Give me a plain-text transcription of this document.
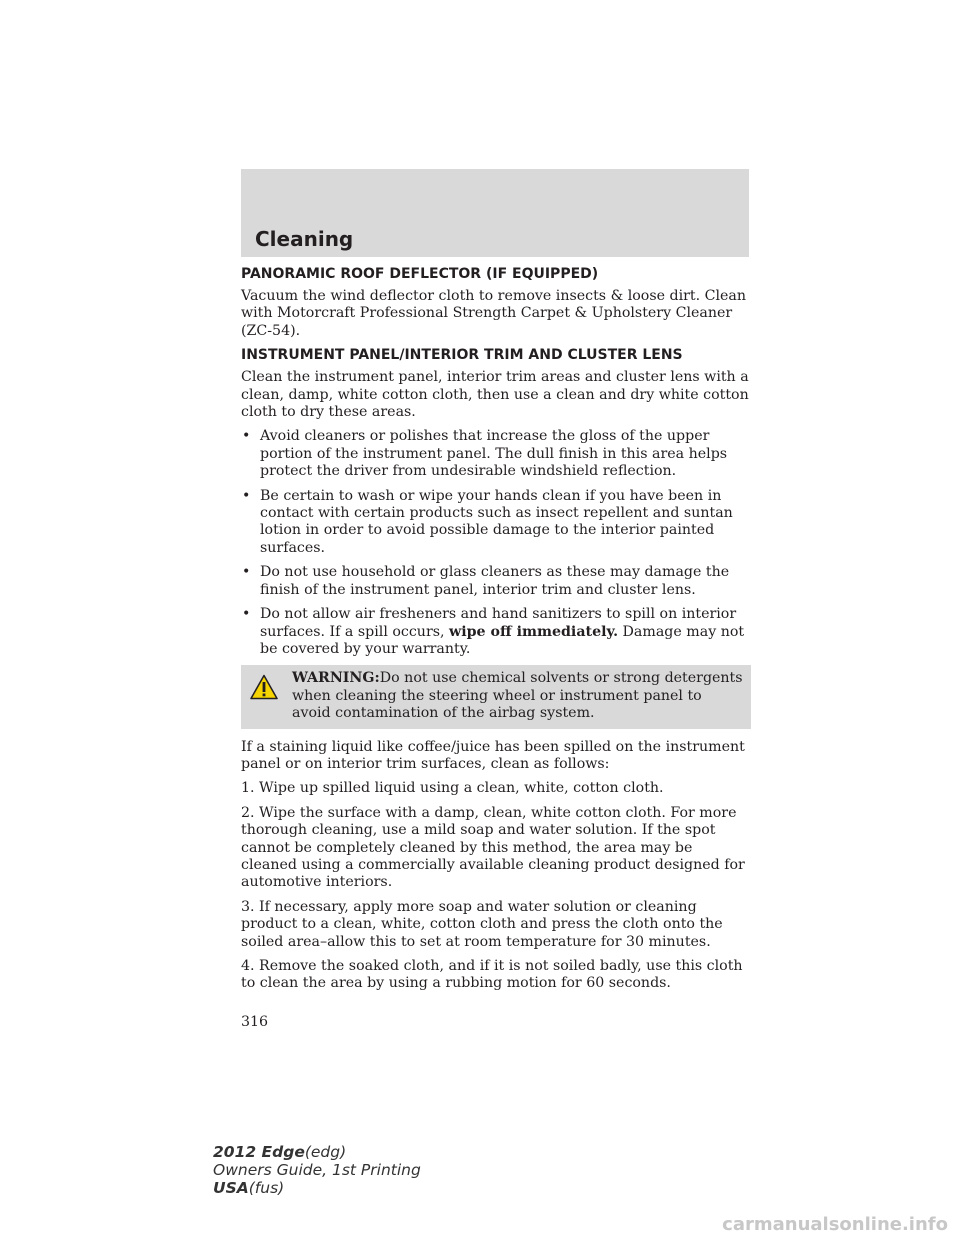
Cleaning
PANORAMIC ROOF DEFLECTOR (IF EQUIPPED)

Vacuum the wind deflector cloth to remove insects & loose dirt. Clean with Motorcraft Professional Strength Carpet & Upholstery Cleaner (ZC-54).

INSTRUMENT PANEL/INTERIOR TRIM AND CLUSTER LENS

Clean the instrument panel, interior trim areas and cluster lens with a clean, damp, white cotton cloth, then use a clean and dry white cotton cloth to dry these areas.

• Avoid cleaners or polishes that increase the gloss of the upper portion of the instrument panel. The dull finish in this area helps protect the driver from undesirable windshield reflection.
• Be certain to wash or wipe your hands clean if you have been in contact with certain products such as insect repellent and suntan lotion in order to avoid possible damage to the interior painted surfaces.
• Do not use household or glass cleaners as these may damage the finish of the instrument panel, interior trim and cluster lens.
• Do not allow air fresheners and hand sanitizers to spill on interior surfaces. If a spill occurs, wipe off immediately. Damage may not be covered by your warranty.
WARNING:Do not use chemical solvents or strong detergents when cleaning the steering wheel or instrument panel to avoid contamination of the airbag system.

If a staining liquid like coffee/juice has been spilled on the instrument panel or on interior trim surfaces, clean as follows:

1. Wipe up spilled liquid using a clean, white, cotton cloth.

2. Wipe the surface with a damp, clean, white cotton cloth. For more thorough cleaning, use a mild soap and water solution. If the spot cannot be completely cleaned by this method, the area may be cleaned using a commercially available cleaning product designed for automotive interiors.

3. If necessary, apply more soap and water solution or cleaning product to a clean, white, cotton cloth and press the cloth onto the soiled area–allow this to set at room temperature for 30 minutes.

4. Remove the soaked cloth, and if it is not soiled badly, use this cloth to clean the area by using a rubbing motion for 60 seconds.

316
2012 Edge(edg)
Owners Guide, 1st Printing
USA(fus)
carmanualsonline.info
